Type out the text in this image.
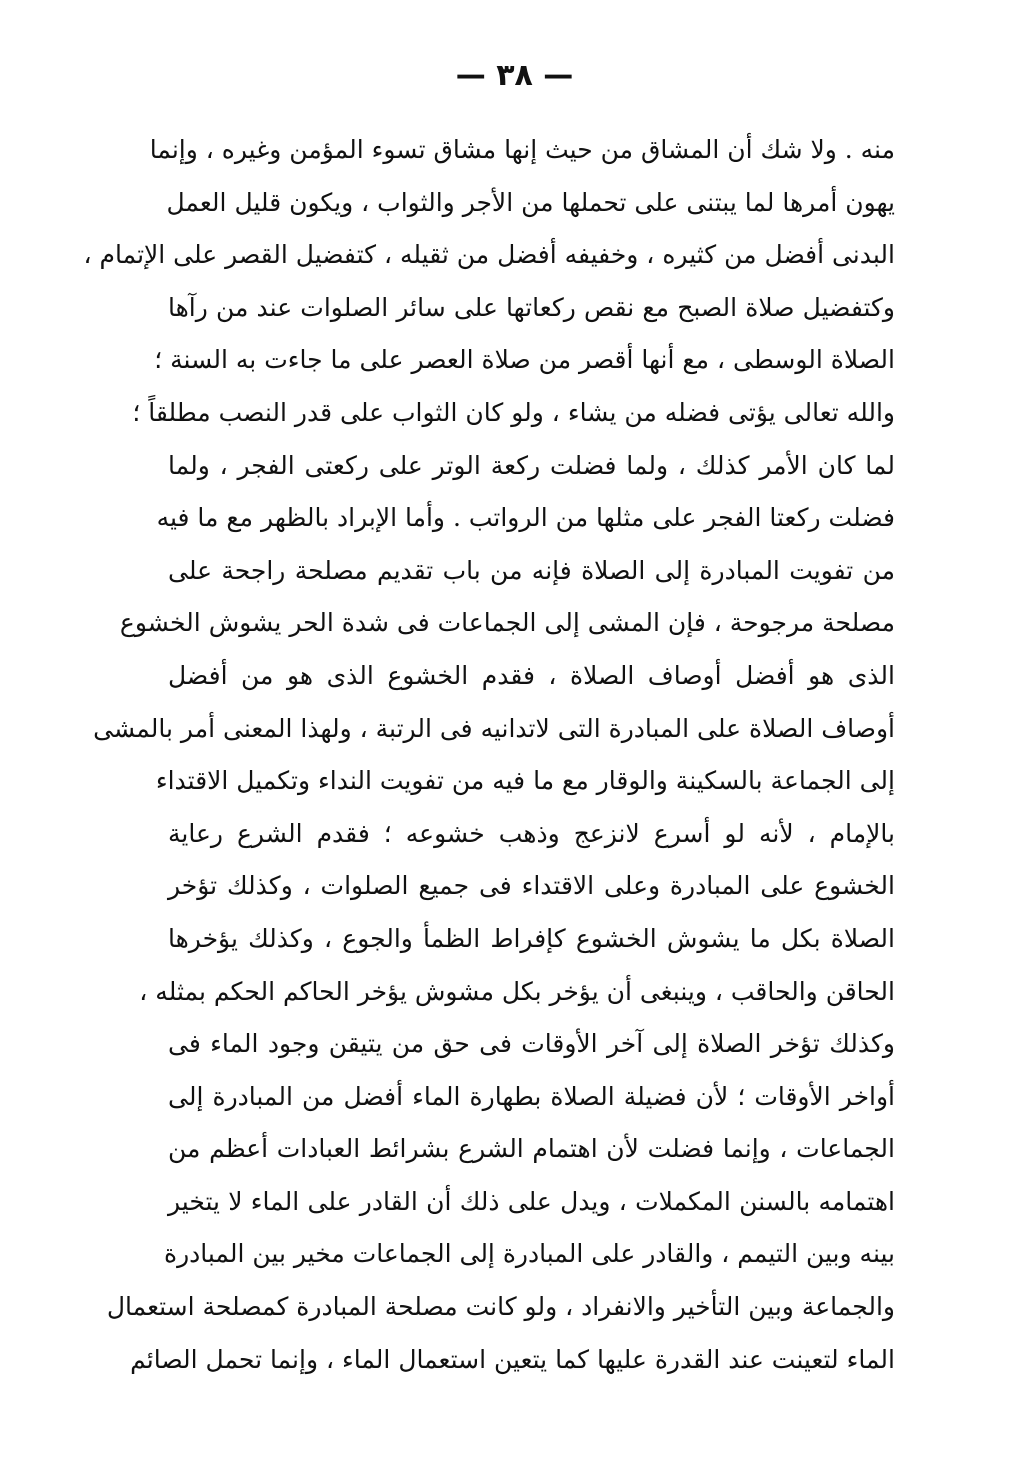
— ٣٨ —
منه . ولا شك أن المشاق من حيث إنها مشاق تسوء المؤمن وغيره ، وإنما
يهون أمرها لما يبتنى على تحملها من الأجر والثواب ، ويكون قليل العمل
البدنى أفضل من كثيره ، وخفيفه أفضل من ثقيله ، كتفضيل القصر على الإتمام ،
وكتفضيل صلاة الصبح مع نقص ركعاتها على سائر الصلوات عند من رآها
الصلاة الوسطى ، مع أنها أقصر من صلاة العصر على ما جاءت به السنة ؛
والله تعالى يؤتى فضله من يشاء ، ولو كان الثواب على قدر النصب مطلقاً ؛
لما كان الأمر كذلك ، ولما فضلت ركعة الوتر على ركعتى الفجر ، ولما
فضلت ركعتا الفجر على مثلها من الرواتب . وأما الإبراد بالظهر مع ما فيه
من تفويت المبادرة إلى الصلاة فإنه من باب تقديم مصلحة راجحة على
مصلحة مرجوحة ، فإن المشى إلى الجماعات فى شدة الحر يشوش الخشوع
الذى هو أفضل أوصاف الصلاة ، فقدم الخشوع الذى هو من أفضل
أوصاف الصلاة على المبادرة التى لاتدانيه فى الرتبة ، ولهذا المعنى أمر بالمشى
إلى الجماعة بالسكينة والوقار مع ما فيه من تفويت النداء وتكميل الاقتداء
بالإمام ، لأنه لو أسرع لانزعج وذهب خشوعه ؛ فقدم الشرع رعاية
الخشوع على المبادرة وعلى الاقتداء فى جميع الصلوات ، وكذلك تؤخر
الصلاة بكل ما يشوش الخشوع كإفراط الظمأ والجوع ، وكذلك يؤخرها
الحاقن والحاقب ، وينبغى أن يؤخر بكل مشوش يؤخر الحاكم الحكم بمثله ،
وكذلك تؤخر الصلاة إلى آخر الأوقات فى حق من يتيقن وجود الماء فى
أواخر الأوقات ؛ لأن فضيلة الصلاة بطهارة الماء أفضل من المبادرة إلى
الجماعات ، وإنما فضلت لأن اهتمام الشرع بشرائط العبادات أعظم من
اهتمامه بالسنن المكملات ، ويدل على ذلك أن القادر على الماء لا يتخير
بينه وبين التيمم ، والقادر على المبادرة إلى الجماعات مخير بين المبادرة
والجماعة وبين التأخير والانفراد ، ولو كانت مصلحة المبادرة كمصلحة استعمال
الماء لتعينت عند القدرة عليها كما يتعين استعمال الماء ، وإنما تحمل الصائم
